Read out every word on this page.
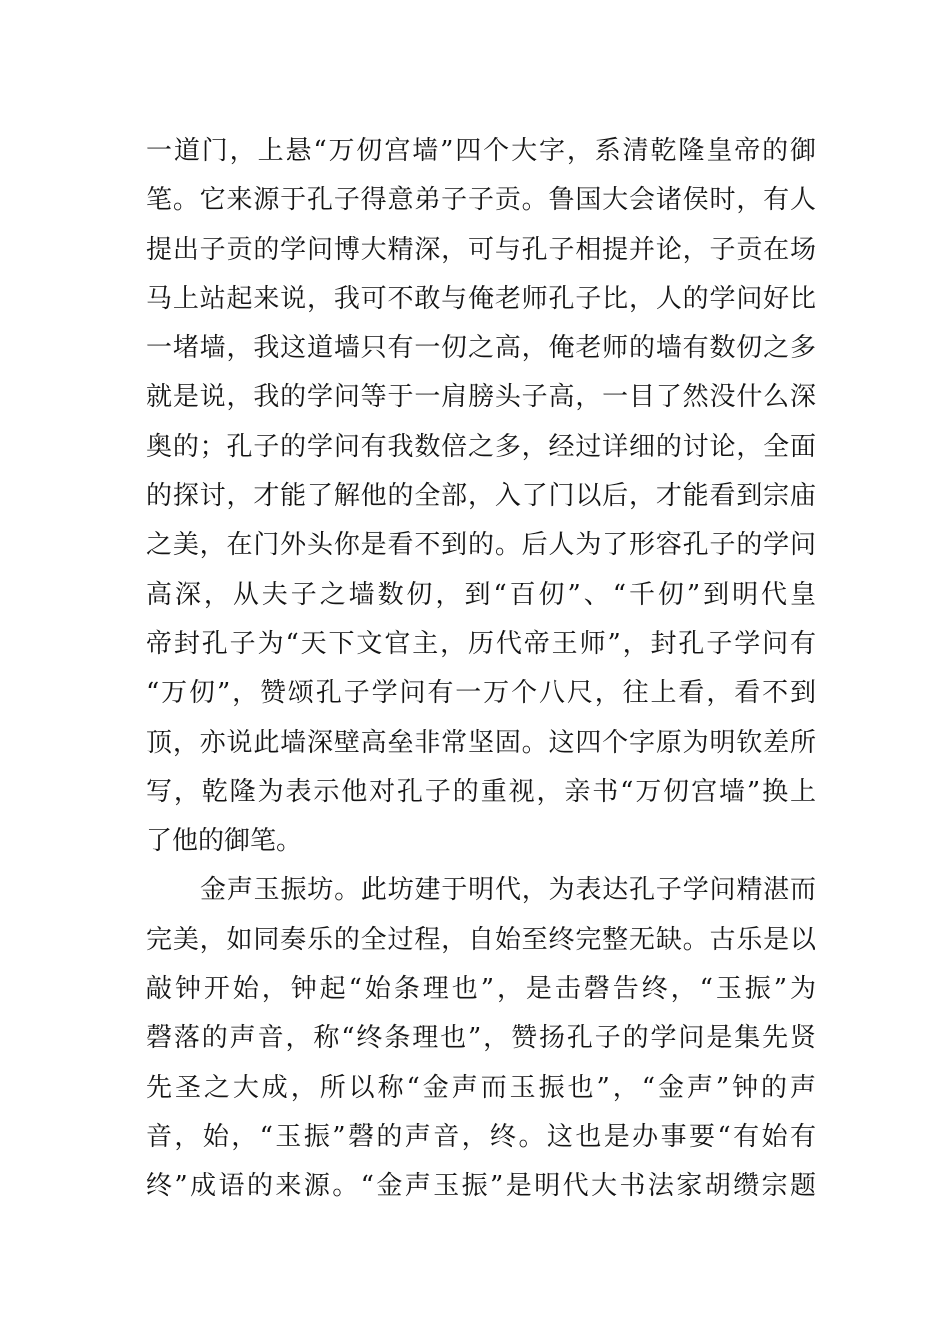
一道门，上悬“万仞宫墙”四个大字，系清乾隆皇帝的御
笔。它来源于孔子得意弟子子贡。鲁国大会诸侯时，有人
提出子贡的学问博大精深，可与孔子相提并论，子贡在场
马上站起来说，我可不敢与俺老师孔子比，人的学问好比
一堵墙，我这道墙只有一仞之高，俺老师的墙有数仞之多
就是说，我的学问等于一肩膀头子高，一目了然没什么深
奥的；孔子的学问有我数倍之多，经过详细的讨论，全面
的探讨，才能了解他的全部，入了门以后，才能看到宗庙
之美，在门外头你是看不到的。后人为了形容孔子的学问
高深，从夫子之墙数仞，到“百仞”、“千仞”到明代皇
帝封孔子为“天下文官主，历代帝王师”，封孔子学问有
“万仞”，赞颂孔子学问有一万个八尺，往上看，看不到
顶，亦说此墙深壁高垒非常坚固。这四个字原为明钦差所
写，乾隆为表示他对孔子的重视，亲书“万仞宫墙”换上
了他的御笔。
金声玉振坊。此坊建于明代，为表达孔子学问精湛而
完美，如同奏乐的全过程，自始至终完整无缺。古乐是以
敲钟开始，钟起“始条理也”，是击磬告终，“玉振”为
磬落的声音，称“终条理也”，赞扬孔子的学问是集先贤
先圣之大成，所以称“金声而玉振也”，“金声”钟的声
音，始，“玉振”磬的声音，终。这也是办事要“有始有
终”成语的来源。“金声玉振”是明代大书法家胡缵宗题
